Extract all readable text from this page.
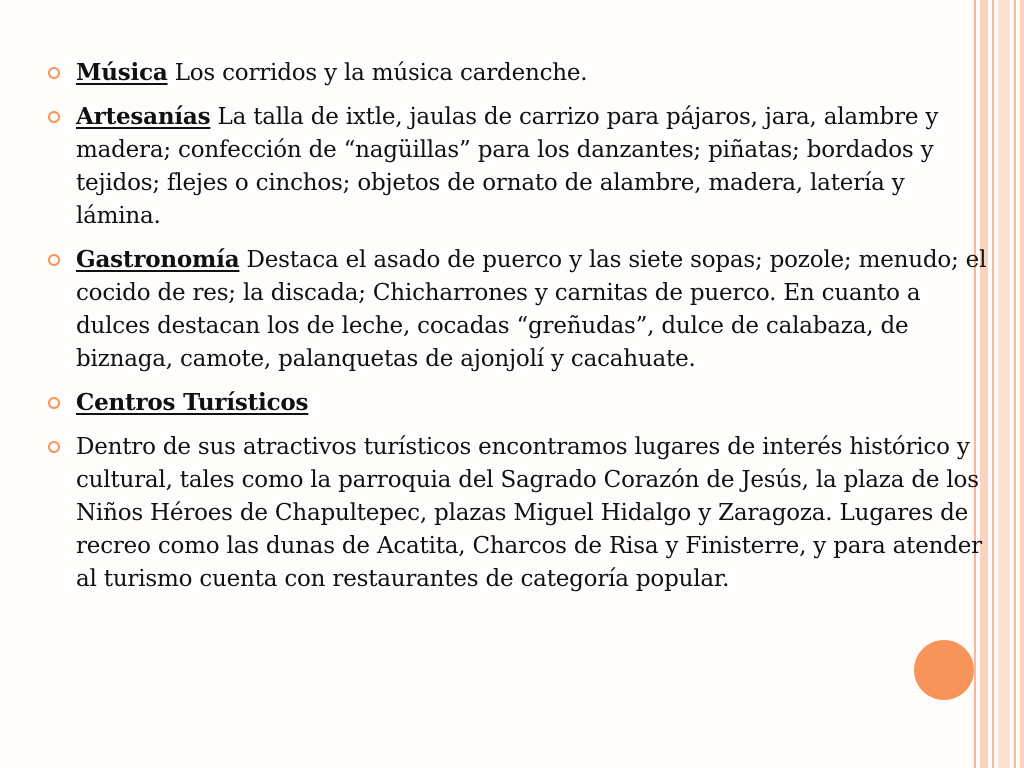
Música Los corridos y la música cardenche.
Artesanías La talla de ixtle, jaulas de carrizo para pájaros, jara, alambre y madera; confección de “nagüillas” para los danzantes; piñatas; bordados y tejidos; flejes o cinchos; objetos de ornato de alambre, madera, latería y lámina.
Gastronomía Destaca el asado de puerco y las siete sopas; pozole; menudo; el cocido de res; la discada; Chicharrones y carnitas de puerco. En cuanto a dulces destacan los de leche, cocadas “greñudas”, dulce de calabaza, de biznaga, camote, palanquetas de ajonjolí y cacahuate.
Centros Turísticos
Dentro de sus atractivos turísticos encontramos lugares de interés histórico y cultural, tales como la parroquia del Sagrado Corazón de Jesús, la plaza de los Niños Héroes de Chapultepec, plazas Miguel Hidalgo y Zaragoza. Lugares de recreo como las dunas de Acatita, Charcos de Risa y Finisterre, y para atender al turismo cuenta con restaurantes de categoría popular.
